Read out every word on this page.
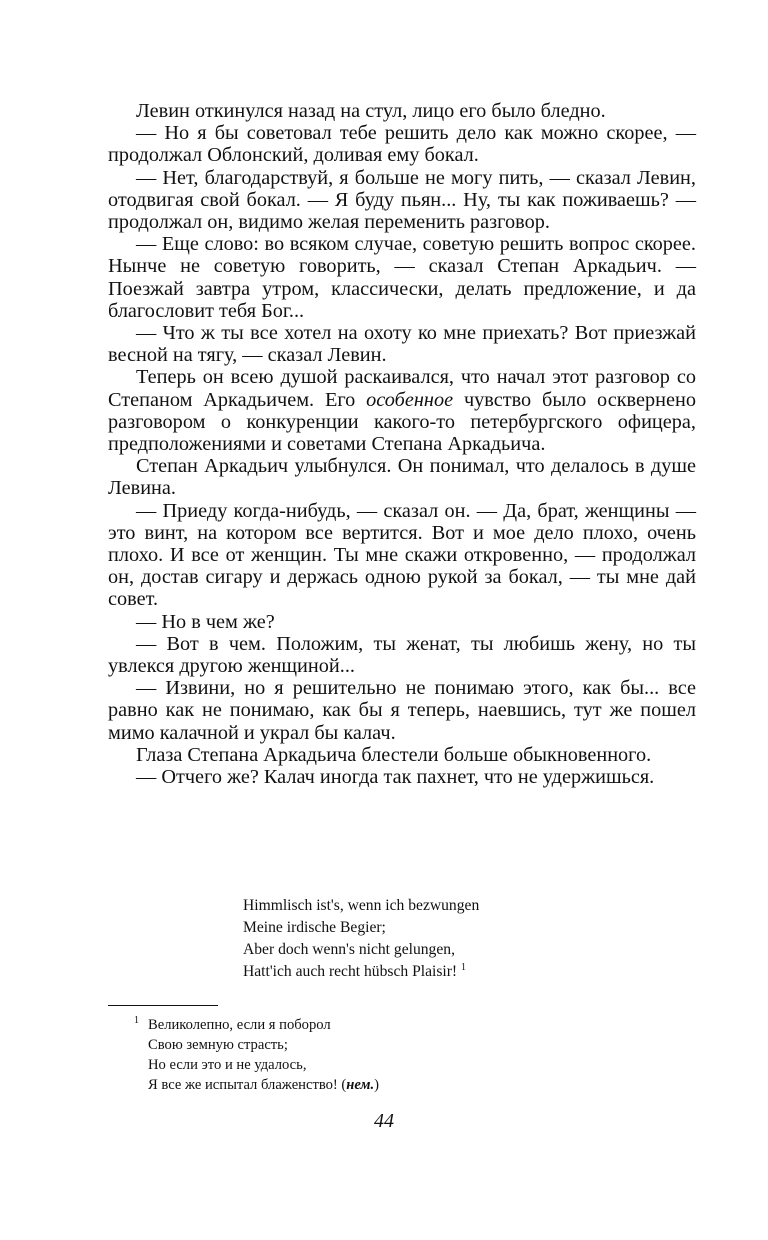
Левин откинулся назад на стул, лицо его было бледно.

— Но я бы советовал тебе решить дело как можно скорее, — продолжал Облонский, доливая ему бокал.

— Нет, благодарствуй, я больше не могу пить, — сказал Левин, отодвигая свой бокал. — Я буду пьян... Ну, ты как поживаешь? — продолжал он, видимо желая переменить разговор.

— Еще слово: во всяком случае, советую решить вопрос скорее. Нынче не советую говорить, — сказал Степан Аркадьич. — Поезжай завтра утром, классически, делать предложение, и да благословит тебя Бог...

— Что ж ты все хотел на охоту ко мне приехать? Вот приезжай весной на тягу, — сказал Левин.

Теперь он всею душой раскаивался, что начал этот разговор со Степаном Аркадьичем. Его особенное чувство было осквернено разговором о конкуренции какого-то петербургского офицера, предположениями и советами Степана Аркадьича.

Степан Аркадьич улыбнулся. Он понимал, что делалось в душе Левина.

— Приеду когда-нибудь, — сказал он. — Да, брат, женщины — это винт, на котором все вертится. Вот и мое дело плохо, очень плохо. И все от женщин. Ты мне скажи откровенно, — продолжал он, достав сигару и держась одною рукой за бокал, — ты мне дай совет.

— Но в чем же?

— Вот в чем. Положим, ты женат, ты любишь жену, но ты увлекся другою женщиной...

— Извини, но я решительно не понимаю этого, как бы... все равно как не понимаю, как бы я теперь, наевшись, тут же пошел мимо калачной и украл бы калач.

Глаза Степана Аркадьича блестели больше обыкновенного.

— Отчего же? Калач иногда так пахнет, что не удержишься.

Himmlisch ist's, wenn ich bezwungen
Meine irdische Begier;
Aber doch wenn's nicht gelungen,
Hatt'ich auch recht hübsch Plaisir! $^1$
1 Великолепно, если я поборол
Свою земную страсть;
Но если это и не удалось,
Я все же испытал блаженство! (нем.)
44
